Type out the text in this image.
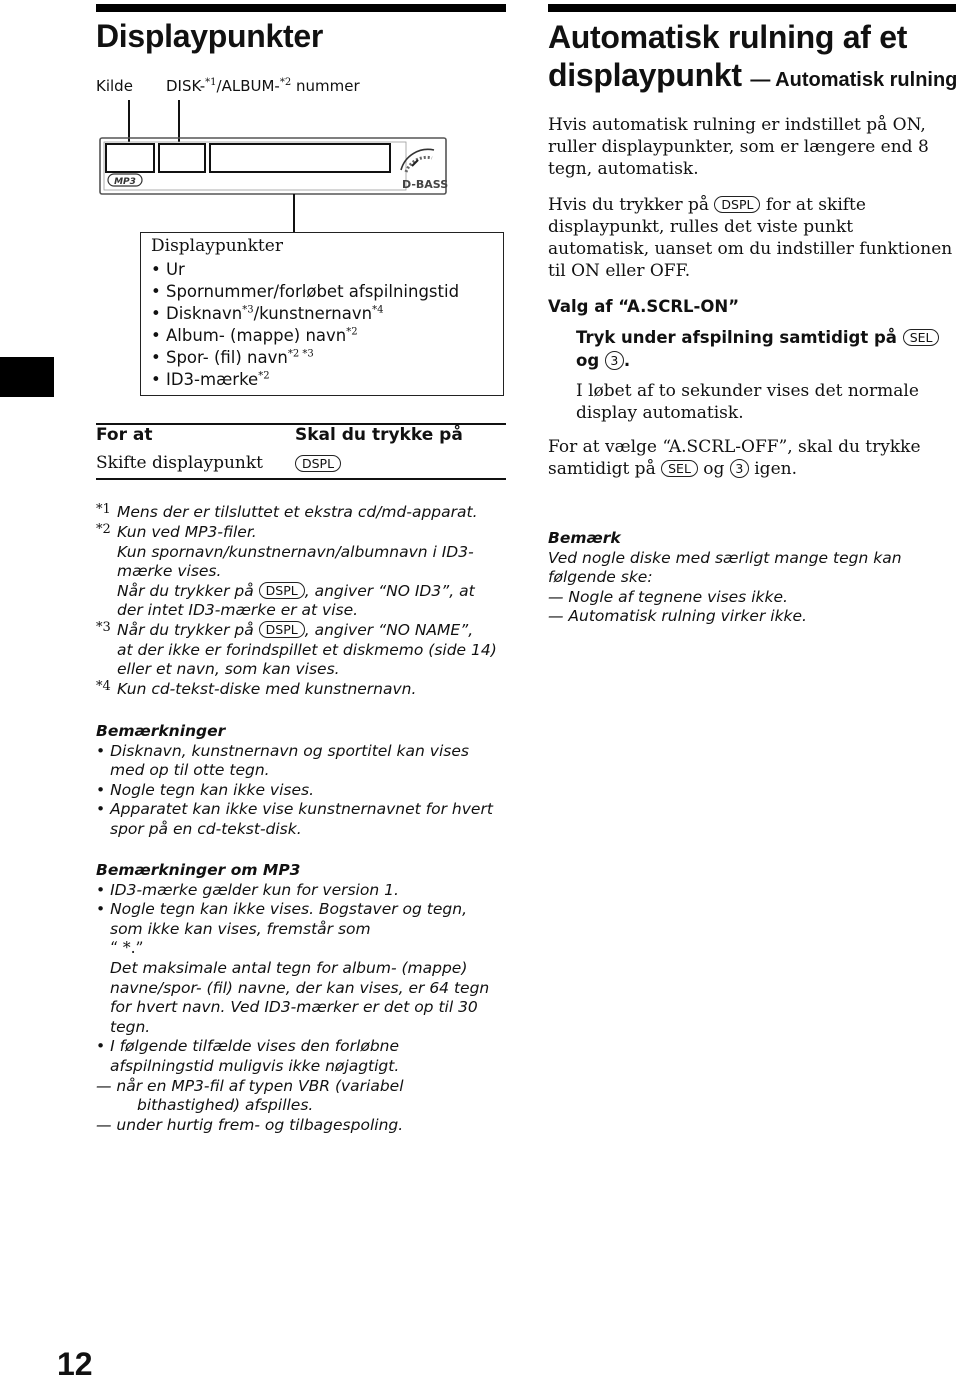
Displaypunkter
Kilde DISK-$^{*1}$/ALBUM-$^{*2}$ nummer
MP3	D-BASS
Displaypunkter
• Ur
• Spornummer/forløbet afspilningstid
• Disknavn$^{*3}$/kunstnernavn$^{*4}$
• Album- (mappe) navn$^{*2}$
• Spor- (fil) navn$^{*2 *3}$
• ID3-mærke$^{*2}$
For at	Skal du trykke på
Skifte displaypunkt	DSPL
*1 Mens der er tilsluttet et ekstra cd/md-apparat.
*2 Kun ved MP3-filer.
Kun spornavn/kunstnernavn/albumnavn i ID3-
mærke vises.
Når du trykker på DSPL , angiver “NO ID3”, at
der intet ID3-mærke er at vise.
*3 Når du trykker på DSPL , angiver “NO NAME”,
at der ikke er forindspillet et diskmemo (side 14)
eller et navn, som kan vises.
*4 Kun cd-tekst-diske med kunstnernavn.

Bemærkninger

• Disknavn, kunstnernavn og sportitel kan vises med op til otte tegn.

• Nogle tegn kan ikke vises.

• Apparatet kan ikke vise kunstnernavnet for hvert spor på en cd-tekst-disk.

Bemærkninger om MP3

• ID3-mærke gælder kun for version 1.

• Nogle tegn kan ikke vises. Bogstaver og tegn, som ikke kan vises, fremstår som

“ *.”

Det maksimale antal tegn for album- (mappe) navne/spor- (fil) navne, der kan vises, er 64 tegn for hvert navn. Ved ID3-mærker er det op til 30 tegn.

• I følgende tilfælde vises den forløbne afspilningstid muligvis ikke nøjagtigt.

— når en MP3-fil af typen VBR (variabel bithastighed) afspilles.

— under hurtig frem- og tilbagespoling.

12
Automatisk rulning af et
displaypunkt — Automatisk rulning

Hvis automatisk rulning er indstillet på ON, ruller displaypunkter, som er længere end 8 tegn, automatisk.

Hvis du trykker på DSPL for at skifte displaypunkt, rulles det viste punkt automatisk, uanset om du indstiller funktionen til ON eller OFF.

Valg af “A.SCRL-ON”

Tryk under afspilning samtidigt på SEL
og 3 .

I løbet af to sekunder vises det normale display automatisk.

For at vælge “A.SCRL-OFF”, skal du trykke samtidigt på SEL og 3 igen.

Bemærk

Ved nogle diske med særligt mange tegn kan følgende ske:

— Nogle af tegnene vises ikke.

— Automatisk rulning virker ikke.
